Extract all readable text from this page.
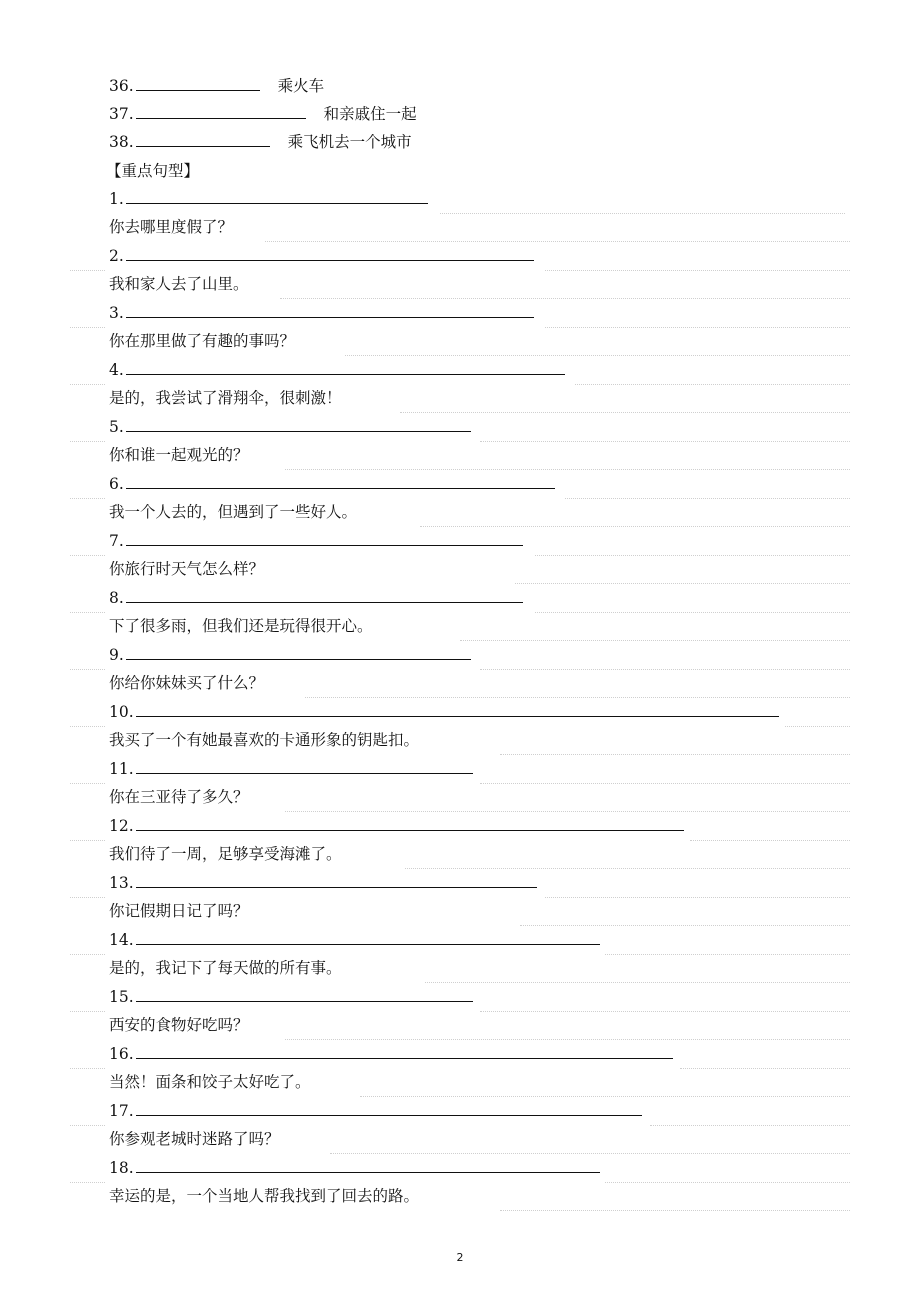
36.	乘火车
37.	和亲戚住一起
38.	乘飞机去一个城市
【重点句型】
1.
你去哪里度假了？
2.
我和家人去了山里。
3.
你在那里做了有趣的事吗？
4.
是的，我尝试了滑翔伞，很刺激！
5.
你和谁一起观光的？
6.
我一个人去的，但遇到了一些好人。
7.
你旅行时天气怎么样？
8.
下了很多雨，但我们还是玩得很开心。
9.
你给你妹妹买了什么？
10.
我买了一个有她最喜欢的卡通形象的钥匙扣。
11.
你在三亚待了多久？
12.
我们待了一周，足够享受海滩了。
13.
你记假期日记了吗？
14.
是的，我记下了每天做的所有事。
15.
西安的食物好吃吗？
16.
当然！面条和饺子太好吃了。
17.
你参观老城时迷路了吗？
18.
幸运的是，一个当地人帮我找到了回去的路。
2
